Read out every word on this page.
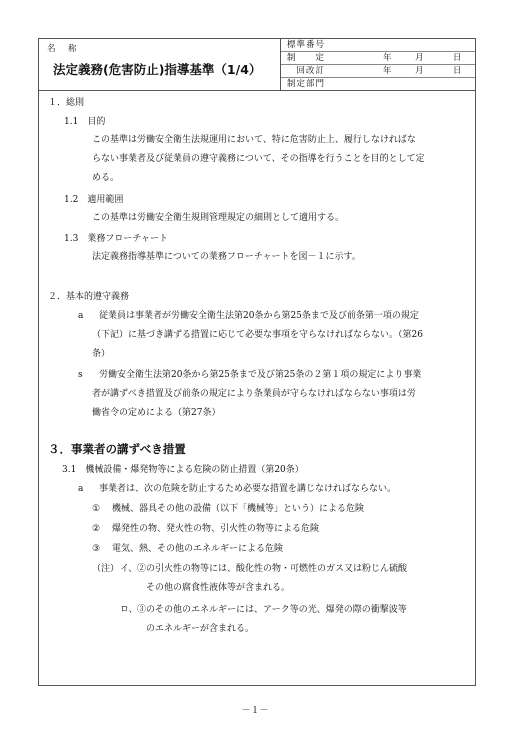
名　称
法定義務(危害防止)指導基準（1/4）
標準番号
制　　定	年	月	日
　回改訂	年	月	日
制定部門
１．総則
1.1　目的
この基準は労働安全衛生法規運用において、特に危害防止上、履行しなければな
らない事業者及び従業員の遵守義務について、その指導を行うことを目的として定
める。
1.2　適用範囲
この基準は労働安全衛生規則管理規定の細則として適用する。
1.3　業務フローチャート
法定義務指導基準についての業務フローチャートを図－１に示す。
２．基本的遵守義務
a 従業員は事業者が労働安全衛生法第20条から第25条まで及び前条第一項の規定
（下記）に基づき講ずる措置に応じて必要な事項を守らなければならない。（第26
条）
s 労働安全衛生法第20条から第25条まで及び第25条の２第１項の規定により事業
者が講ずべき措置及び前条の規定により条業員が守らなければならない事項は労
働省令の定めによる（第27条）
３．事業者の講ずべき措置
3.1　機械設備・爆発物等による危険の防止措置（第20条）
a 事業者は、次の危険を防止するため必要な措置を講じなければならない。
① 機械、器具その他の設備（以下「機械等」という）による危険
② 爆発性の物、発火性の物、引火性の物等による危険
③ 電気、熱、その他のエネルギーによる危険
（注） イ、 ②の引火性の物等には、酸化性の物・可燃性のガス又は粉じん硫酸
その他の腐食性液体等が含まれる。
ロ、 ③のその他のエネルギーには、アーク等の光、爆発の際の衝撃波等
のエネルギーが含まれる。
－１－
